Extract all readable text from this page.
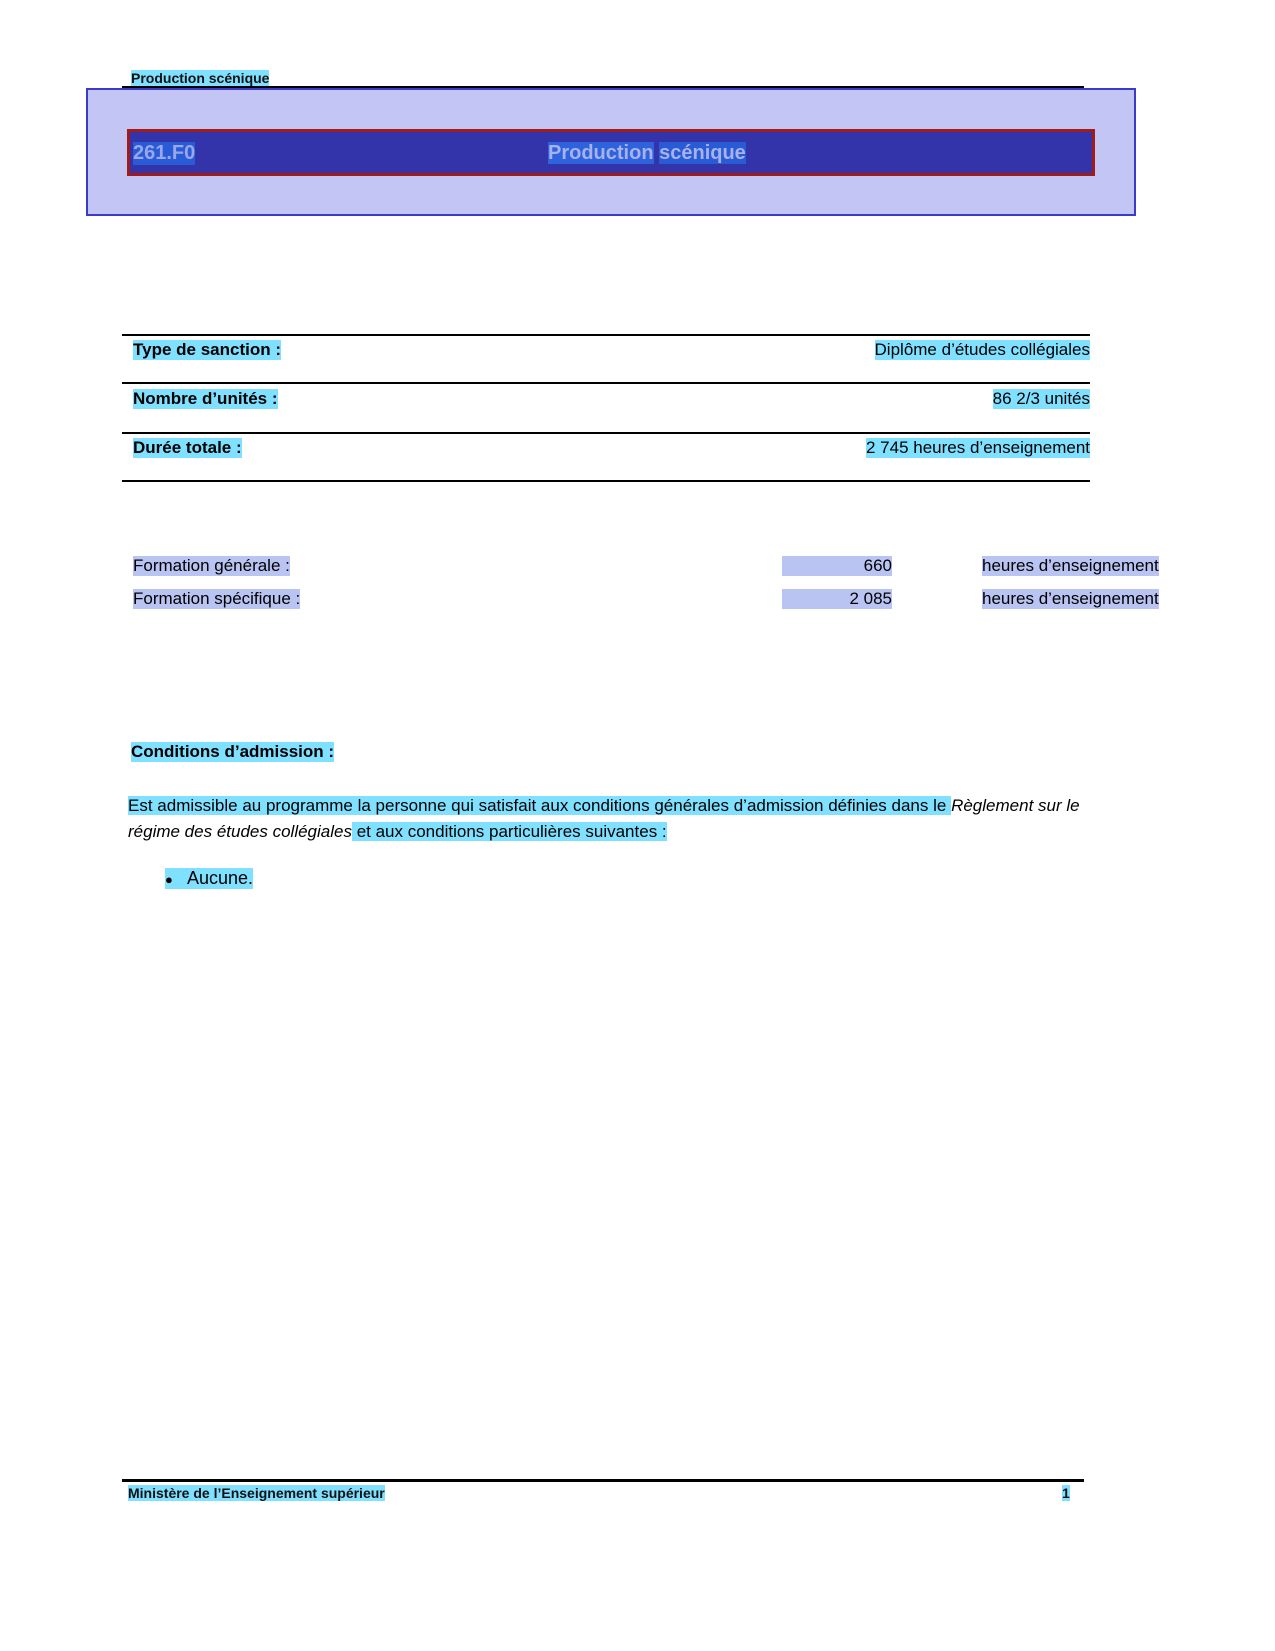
Production scénique
261.F0	Production scénique
Type de sanction :	Diplôme d’études collégiales
Nombre d’unités :	86 2/3 unités
Durée totale :	2 745 heures d’enseignement
Formation générale :	660	heures d’enseignement
Formation spécifique :	2 085	heures d’enseignement
Conditions d’admission :
Est admissible au programme la personne qui satisfait aux conditions générales d’admission définies dans le Règlement sur le régime des études collégiales et aux conditions particulières suivantes :
● Aucune.
Ministère de l’Enseignement supérieur	1
